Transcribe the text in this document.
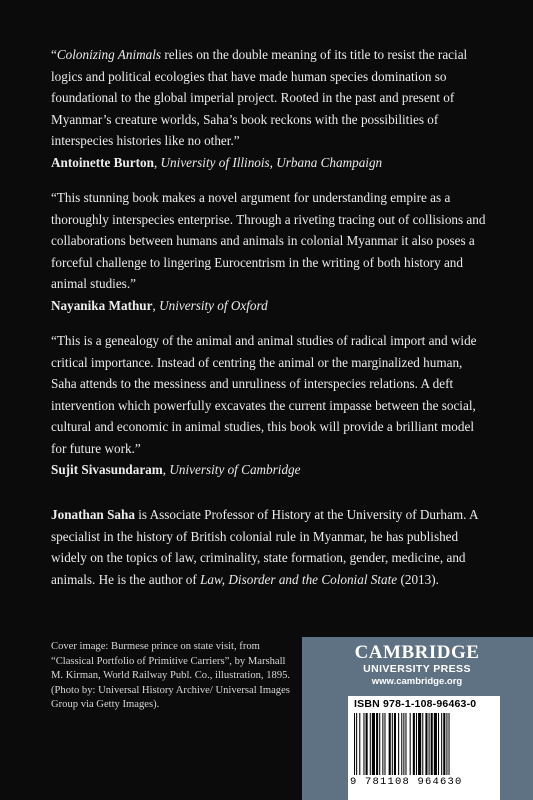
“Colonizing Animals relies on the double meaning of its title to resist the racial logics and political ecologies that have made human species domination so foundational to the global imperial project. Rooted in the past and present of Myanmar’s creature worlds, Saha’s book reckons with the possibilities of interspecies histories like no other.”

Antoinette Burton, University of Illinois, Urbana Champaign

“This stunning book makes a novel argument for understanding empire as a thoroughly interspecies enterprise. Through a riveting tracing out of collisions and collaborations between humans and animals in colonial Myanmar it also poses a forceful challenge to lingering Eurocentrism in the writing of both history and animal studies.”

Nayanika Mathur, University of Oxford

“This is a genealogy of the animal and animal studies of radical import and wide critical importance. Instead of centring the animal or the marginalized human, Saha attends to the messiness and unruliness of interspecies relations. A deft intervention which powerfully excavates the current impasse between the social, cultural and economic in animal studies, this book will provide a brilliant model for future work.”

Sujit Sivasundaram, University of Cambridge

Jonathan Saha is Associate Professor of History at the University of Durham. A specialist in the history of British colonial rule in Myanmar, he has published widely on the topics of law, criminality, state formation, gender, medicine, and animals. He is the author of Law, Disorder and the Colonial State (2013).

Cover image: Burmese prince on state visit, from “Classical Portfolio of Primitive Carriers”, by Marshall M. Kirman, World Railway Publ. Co., illustration, 1895. (Photo by: Universal History Archive/ Universal Images Group via Getty Images).
CAMBRIDGE
UNIVERSITY PRESS
www.cambridge.org
ISBN 978-1-108-96463-0
9 781108 964630
